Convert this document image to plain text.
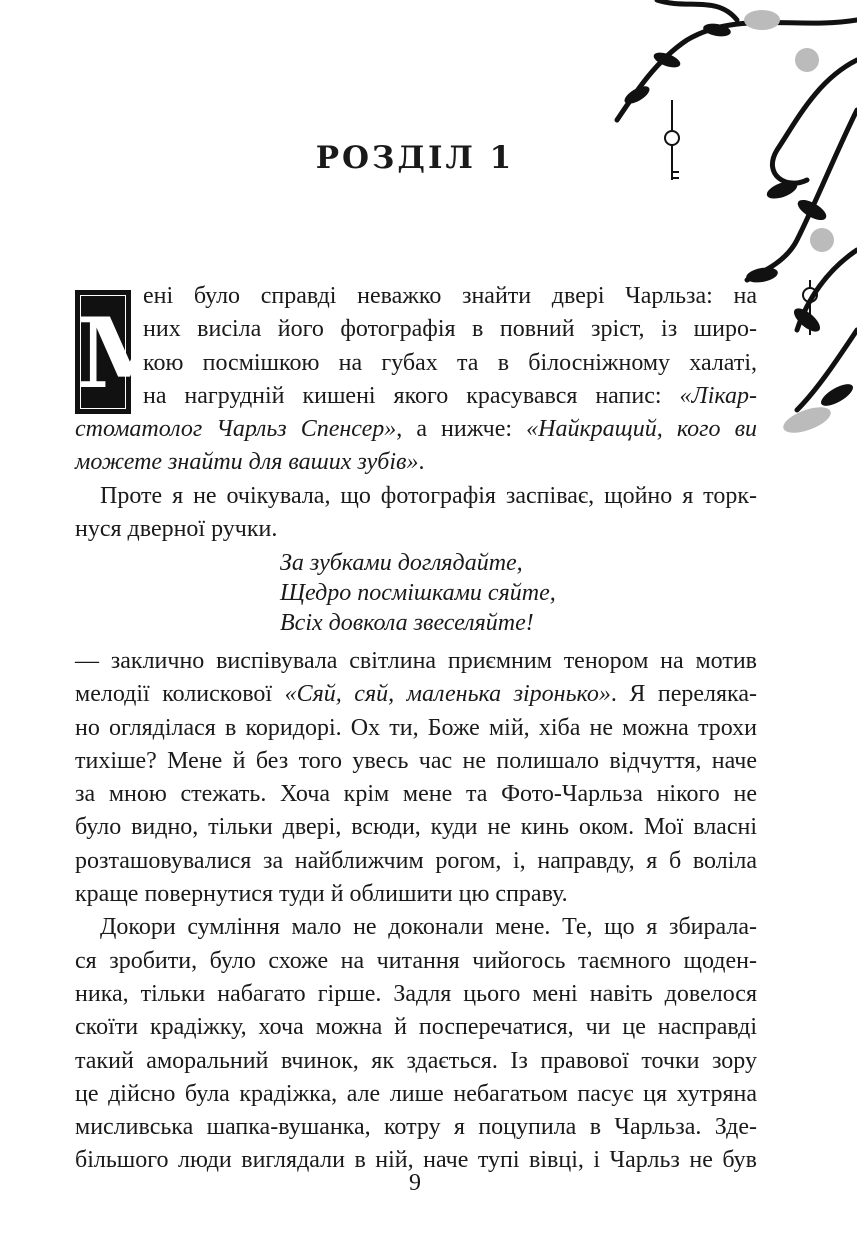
РОЗДІЛ 1
М
ені було справді неважко знайти двері Чарльза: на
них висіла його фотографія в повний зріст, із широ-
кою посмішкою на губах та в білосніжному халаті,
на нагрудній кишені якого красувався напис: «Лікар-
стоматолог Чарльз Спенсер», а нижче: «Найкращий, кого ви
можете знайти для ваших зубів».
Проте я не очікувала, що фотографія заспіває, щойно я торк-
нуся дверної ручки.
За зубками доглядайте,
Щедро посмішками сяйте,
Всіх довкола звеселяйте!
— заклично виспівувала світлина приємним тенором на мотив
мелодії колискової «Сяй, сяй, маленька зіронько». Я переляка-
но огляділася в коридорі. Ох ти, Боже мій, хіба не можна трохи
тихіше? Мене й без того увесь час не полишало відчуття, наче
за мною стежать. Хоча крім мене та Фото-Чарльза нікого не
було видно, тільки двері, всюди, куди не кинь оком. Мої власні
розташовувалися за найближчим рогом, і, направду, я б воліла
краще повернутися туди й облишити цю справу.
Докори сумління мало не доконали мене. Те, що я збирала-
ся зробити, було схоже на читання чийогось таємного щоден-
ника, тільки набагато гірше. Задля цього мені навіть довелося
скоїти крадіжку, хоча можна й посперечатися, чи це насправді
такий аморальний вчинок, як здається. Із правової точки зору
це дійсно була крадіжка, але лише небагатьом пасує ця хутряна
мисливська шапка-вушанка, котру я поцупила в Чарльза. Зде-
більшого люди виглядали в ній, наче тупі вівці, і Чарльз не був
9
